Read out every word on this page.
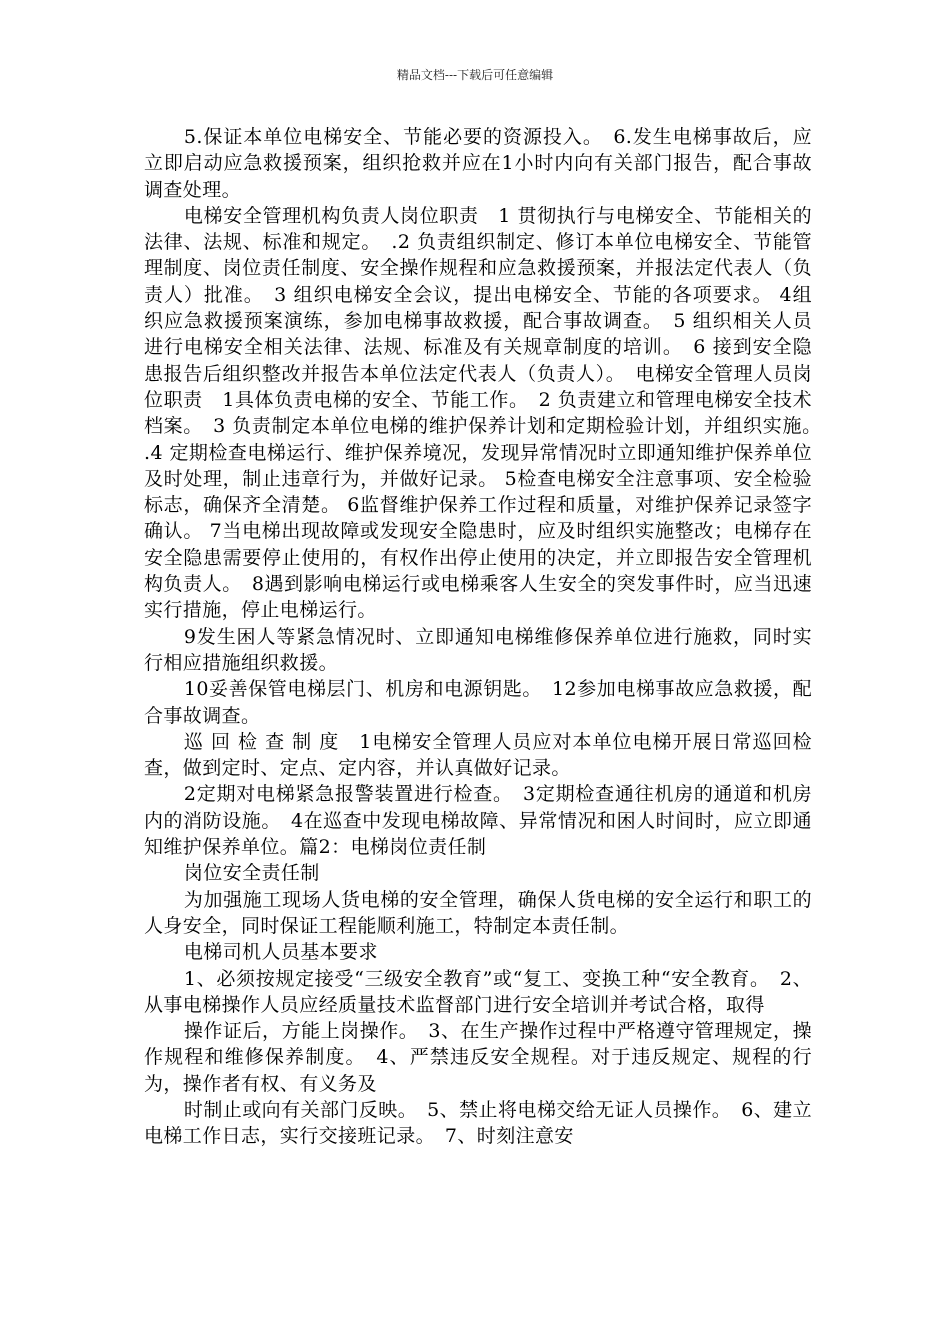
精品文档---下载后可任意编辑

5.保证本单位电梯安全、节能必要的资源投入。　6.发生电梯事故后，应立即启动应急救援预案，组织抢救并应在1小时内向有关部门报告，配合事故调查处理。

电梯安全管理机构负责人岗位职责　1 贯彻执行与电梯安全、节能相关的法律、法规、标准和规定。　.2 负责组织制定、修订本单位电梯安全、节能管理制度、岗位责任制度、安全操作规程和应急救援预案，并报法定代表人（负责人）批准。　3 组织电梯安全会议，提出电梯安全、节能的各项要求。 4组织应急救援预案演练，参加电梯事故救援，配合事故调查。　5 组织相关人员进行电梯安全相关法律、法规、标准及有关规章制度的培训。　6 接到安全隐患报告后组织整改并报告本单位法定代表人（负责人）。　电梯安全管理人员岗位职责　1具体负责电梯的安全、节能工作。　2 负责建立和管理电梯安全技术档案。　3 负责制定本单位电梯的维护保养计划和定期检验计划，并组织实施。　.4 定期检查电梯运行、维护保养境况，发现异常情况时立即通知维护保养单位及时处理，制止违章行为，并做好记录。 5检查电梯安全注意事项、安全检验标志，确保齐全清楚。 6监督维护保养工作过程和质量，对维护保养记录签字确认。 7当电梯出现故障或发现安全隐患时，应及时组织实施整改；电梯存在安全隐患需要停止使用的，有权作出停止使用的决定，并立即报告安全管理机构负责人。　8遇到影响电梯运行或电梯乘客人生安全的突发事件时，应当迅速实行措施，停止电梯运行。

9发生困人等紧急情况时、立即通知电梯维修保养单位进行施救，同时实行相应措施组织救援。

10妥善保管电梯层门、机房和电源钥匙。　12参加电梯事故应急救援，配合事故调查。

巡 回 检 查 制 度　1电梯安全管理人员应对本单位电梯开展日常巡回检查，做到定时、定点、定内容，并认真做好记录。

2定期对电梯紧急报警装置进行检查。　3定期检查通往机房的通道和机房内的消防设施。　4在巡查中发现电梯故障、异常情况和困人时间时，应立即通知维护保养单位。篇2：电梯岗位责任制

岗位安全责任制

为加强施工现场人货电梯的安全管理，确保人货电梯的安全运行和职工的人身安全，同时保证工程能顺利施工，特制定本责任制。

电梯司机人员基本要求

1、必须按规定接受“三级安全教育”或“复工、变换工种“安全教育。　2、从事电梯操作人员应经质量技术监督部门进行安全培训并考试合格，取得

操作证后，方能上岗操作。　3、在生产操作过程中严格遵守管理规定，操作规程和维修保养制度。　4、严禁违反安全规程。对于违反规定、规程的行为，操作者有权、有义务及

时制止或向有关部门反映。　5、禁止将电梯交给无证人员操作。　6、建立电梯工作日志，实行交接班记录。　7、时刻注意安
